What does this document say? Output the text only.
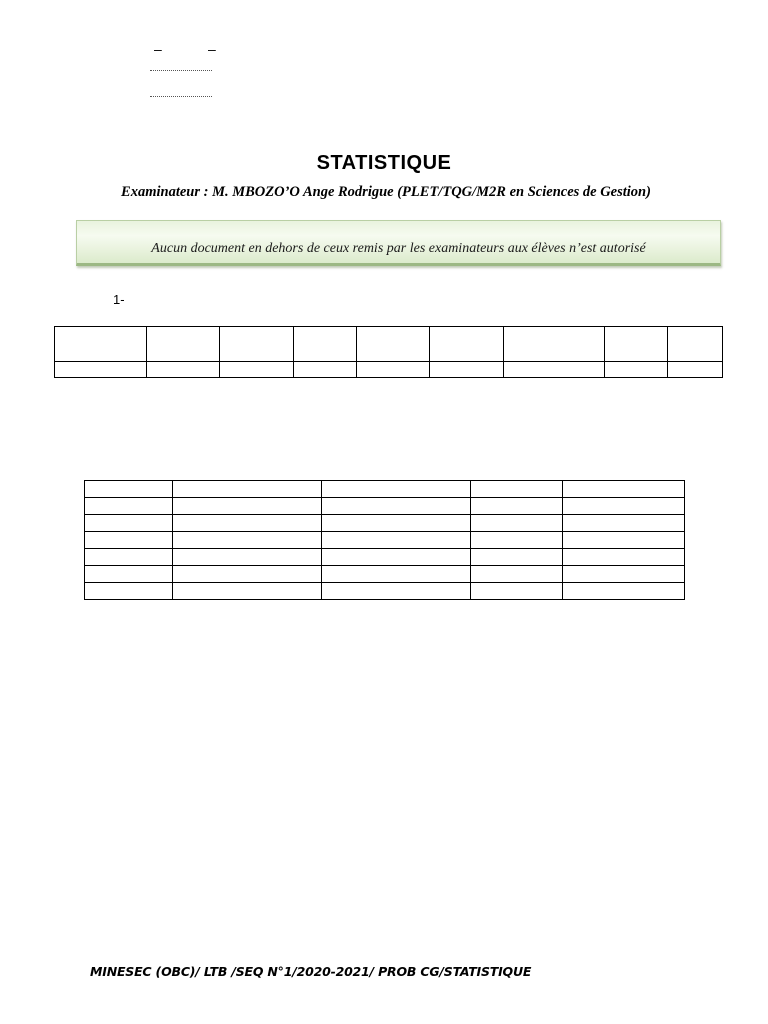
–	–
STATISTIQUE
Examinateur : M. MBOZO’O Ange Rodrigue (PLET/TQG/M2R en Sciences de Gestion)
Aucun document en dehors de ceux remis par les examinateurs aux élèves n’est autorisé
1-

MINESEC (OBC)/ LTB /SEQ N°1/2020-2021/ PROB CG/STATISTIQUE
